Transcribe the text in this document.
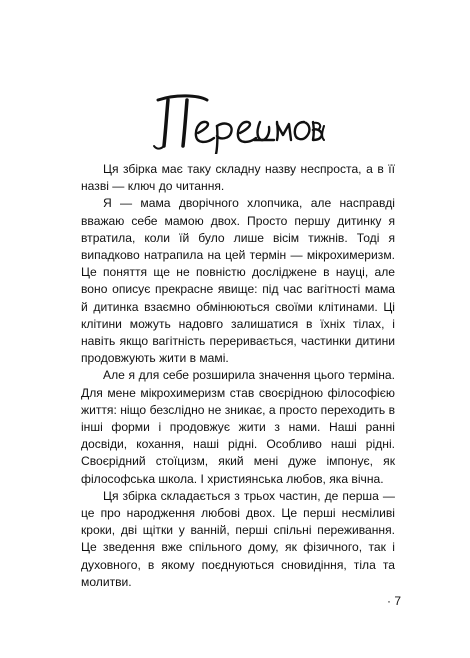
Ця збірка має таку складну назву неспроста, а в її назві — ключ до читання.

Я — мама дворічного хлопчика, але насправді вважаю себе мамою двох. Просто першу дитинку я втратила, коли їй було лише вісім тижнів. Тоді я випадково натрапила на цей термін — мікрохимеризм. Це поняття ще не повністю досліджене в науці, але воно описує прекрасне явище: під час вагітності мама й дитинка взаємно обмінюються своїми клітинами. Ці клітини можуть надовго залишатися в їхніх тілах, і навіть якщо вагітність переривається, частинки дитини продовжують жити в мамі.

Але я для себе розширила значення цього терміна. Для мене мікрохимеризм став своєрідною філософією життя: ніщо безслідно не зникає, а просто переходить в інші форми і продовжує жити з нами. Наші ранні досвіди, кохання, наші рідні. Особливо наші рідні. Своєрідний стоїцизм, який мені дуже імпонує, як філософська школа. І християнська любов, яка вічна.

Ця збірка складається з трьох частин, де перша — це про народження любові двох. Це перші несміливі кроки, дві щітки у ванній, перші спільні переживання. Це зведення вже спільного дому, як фізичного, так і духовного, в якому поєднуються сновидіння, тіла та молитви.

· 7
